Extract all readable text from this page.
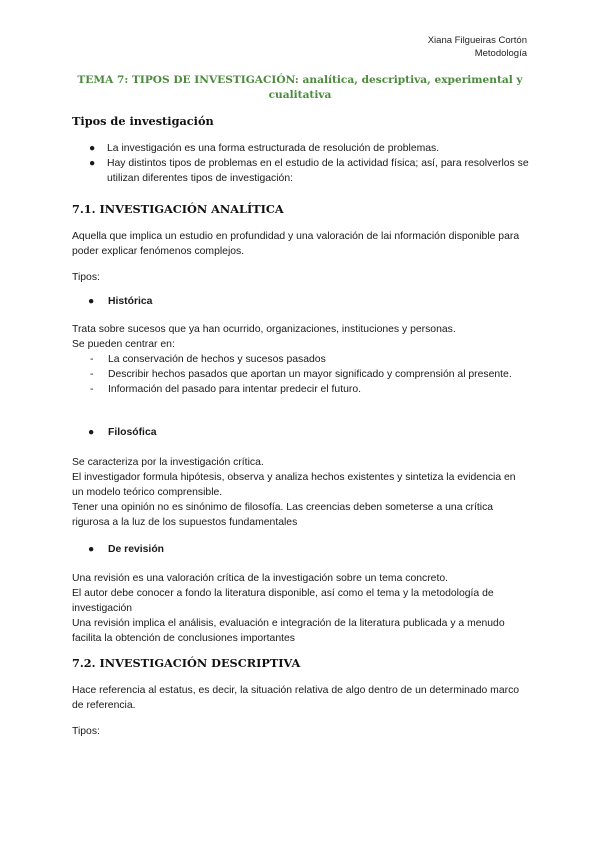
Xiana Filgueiras Cortón
Metodología
TEMA 7: TIPOS DE INVESTIGACIÓN: analítica, descriptiva, experimental y
cualitativa
Tipos de investigación
● La investigación es una forma estructurada de resolución de problemas.
● Hay distintos tipos de problemas en el estudio de la actividad física; así, para resolverlos se utilizan diferentes tipos de investigación:
7.1. INVESTIGACIÓN ANALÍTICA

Aquella que implica un estudio en profundidad y una valoración de lai nformación disponible para poder explicar fenómenos complejos.

Tipos:

● Histórica

Trata sobre sucesos que ya han ocurrido, organizaciones, instituciones y personas.

Se pueden centrar en:

- La conservación de hechos y sucesos pasados
- Describir hechos pasados que aportan un mayor significado y comprensión al presente.
- Información del pasado para intentar predecir el futuro.
● Filosófica

Se caracteriza por la investigación crítica.

El investigador formula hipótesis, observa y analiza hechos existentes y sintetiza la evidencia en un modelo teórico comprensible.

Tener una opinión no es sinónimo de filosofía. Las creencias deben someterse a una crítica rigurosa a la luz de los supuestos fundamentales

● De revisión

Una revisión es una valoración crítica de la investigación sobre un tema concreto.

El autor debe conocer a fondo la literatura disponible, así como el tema y la metodología de investigación

Una revisión implica el análisis, evaluación e integración de la literatura publicada y a menudo facilita la obtención de conclusiones importantes

7.2. INVESTIGACIÓN DESCRIPTIVA

Hace referencia al estatus, es decir, la situación relativa de algo dentro de un determinado marco de referencia.

Tipos:
